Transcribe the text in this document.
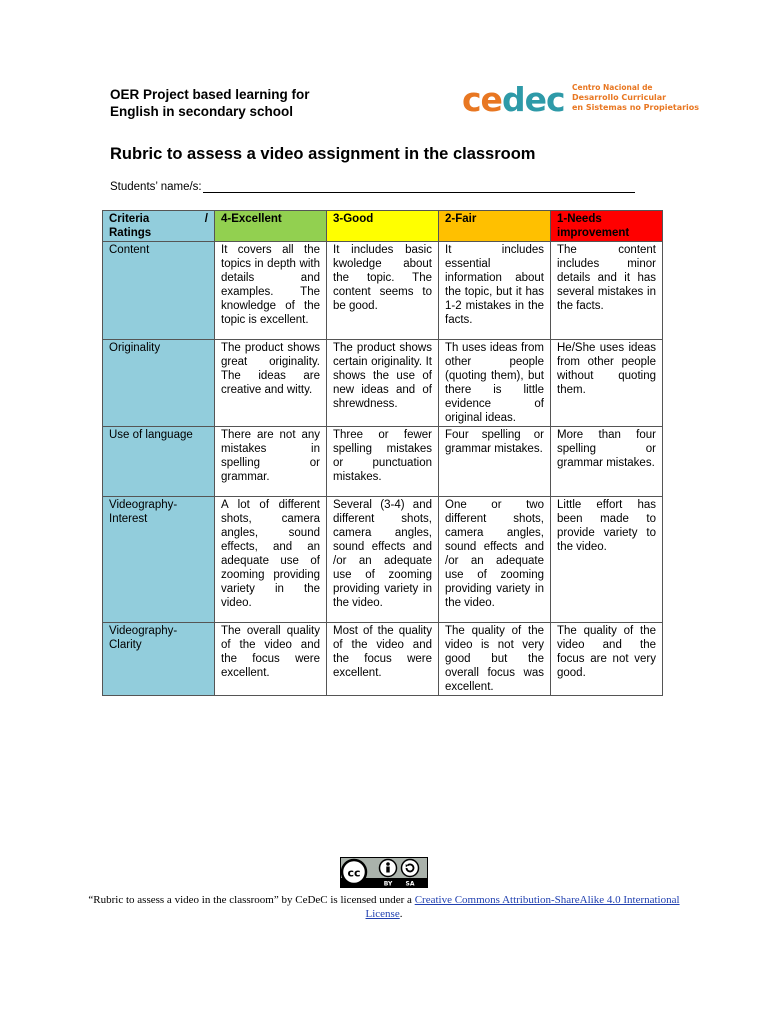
OER Project based learning for
English in secondary school	cedec Centro Nacional de
Desarrollo Curricular
en Sistemas no Propietarios
Rubric to assess a video assignment in the classroom
Students’ name/s:
Criteria /
Ratings	4-Excellent	3-Good	2-Fair	1-Needs improvement
Content	It covers all the topics in depth with details and examples. The knowledge of the topic is excellent.	It includes basic kwoledge about the topic. The content seems to be good.	It includes essential information about the topic, but it has 1-2 mistakes in the facts.	The content includes minor details and it has several mistakes in the facts.
Originality	The product shows great originality. The ideas are creative and witty.	The product shows certain originality. It shows the use of new ideas and of shrewdness.	Th uses ideas from other people (quoting them), but there is little evidence of original ideas.	He/She uses ideas from other people without quoting them.
Use of language	There are not any mistakes in spelling or grammar.	Three or fewer spelling mistakes or punctuation mistakes.	Four spelling or grammar mistakes.	More than four spelling or grammar mistakes.
Videography-Interest	A lot of different shots, camera angles, sound effects, and an adequate use of zooming providing variety in the video.	Several (3-4) and different shots, camera angles, sound effects and /or an adequate use of zooming providing variety in the video.	One or two different shots, camera angles, sound effects and /or an adequate use of zooming providing variety in the video.	Little effort has been made to provide variety to the video.
Videography-Clarity	The overall quality of the video and the focus were excellent.	Most of the quality of the video and the focus were excellent.	The quality of the video is not very good but the overall focus was excellent.	The quality of the video and the focus are not very good.
cc
BY SA
“Rubric to assess a video in the classroom” by CeDeC is licensed under a Creative Commons Attribution-ShareAlike 4.0 International License.
